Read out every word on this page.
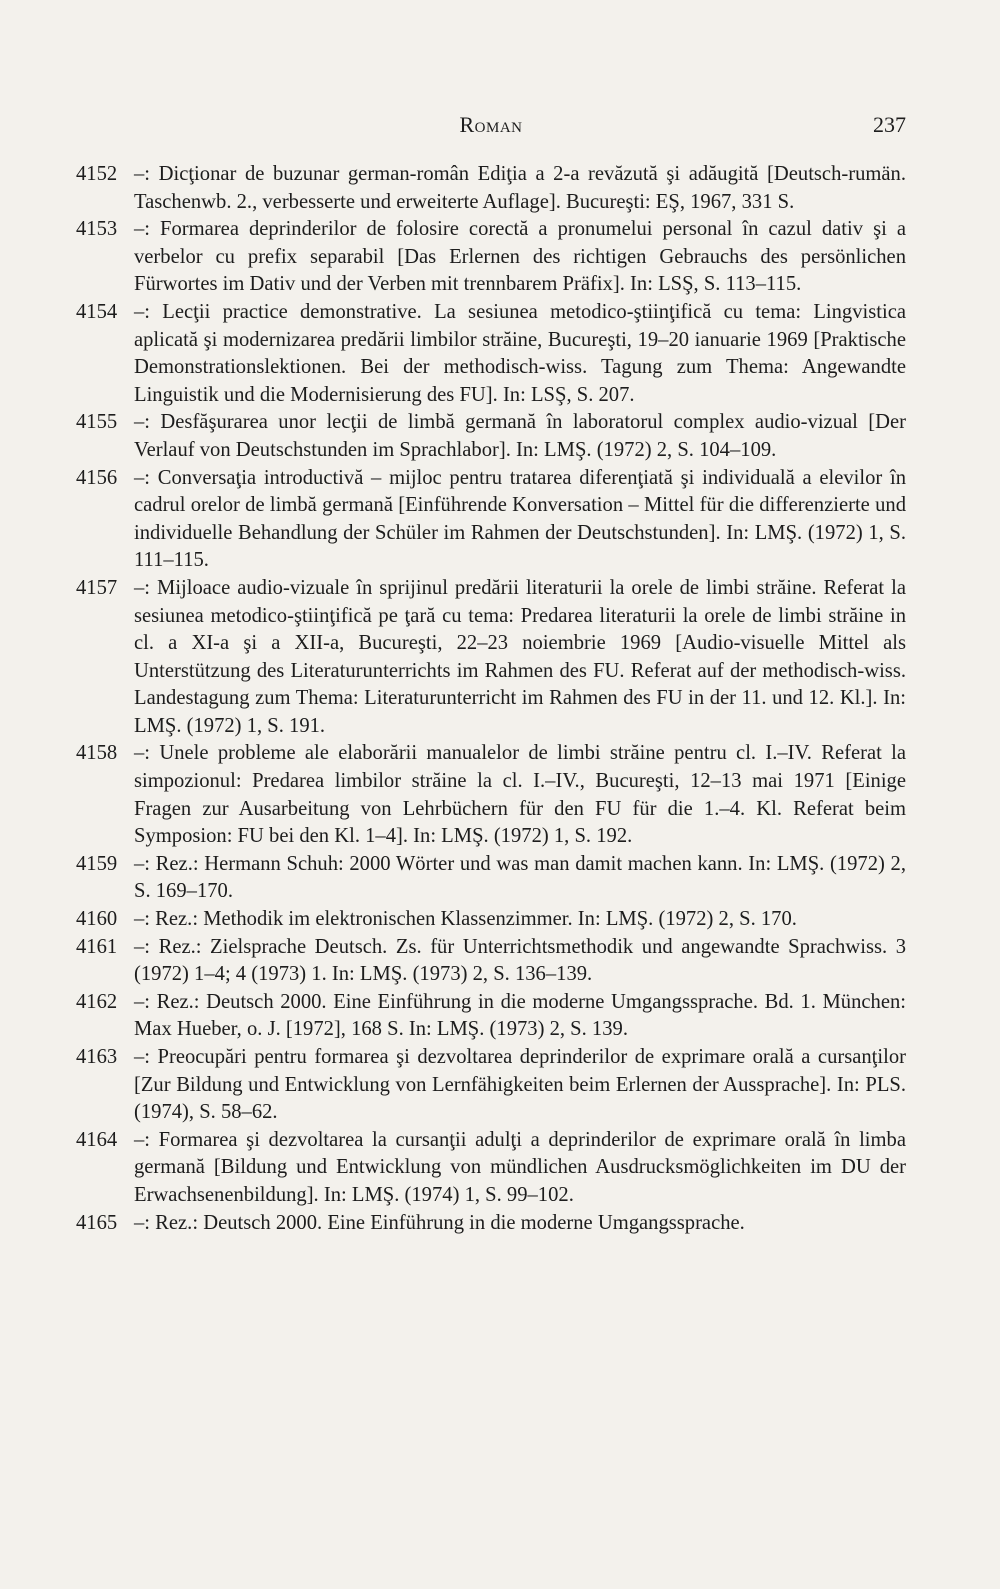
Roman	237
4152 –: Dicţionar de buzunar german-român Ediţia a 2-a revăzută şi adăugită [Deutsch-rumän. Taschenwb. 2., verbesserte und erweiterte Auflage]. Bucureşti: EŞ, 1967, 331 S.
4153 –: Formarea deprinderilor de folosire corectă a pronumelui personal în cazul dativ şi a verbelor cu prefix separabil [Das Erlernen des richtigen Gebrauchs des persönlichen Fürwortes im Dativ und der Verben mit trennbarem Präfix]. In: LSŞ, S. 113–115.
4154 –: Lecţii practice demonstrative. La sesiunea metodico-ştiinţifică cu tema: Lingvistica aplicată şi modernizarea predării limbilor străine, Bucureşti, 19–20 ianuarie 1969 [Praktische Demonstrationslektionen. Bei der methodisch-wiss. Tagung zum Thema: Angewandte Linguistik und die Modernisierung des FU]. In: LSŞ, S. 207.
4155 –: Desfăşurarea unor lecţii de limbă germană în laboratorul complex audio-vizual [Der Verlauf von Deutschstunden im Sprachlabor]. In: LMŞ. (1972) 2, S. 104–109.
4156 –: Conversaţia introductivă – mijloc pentru tratarea diferenţiată şi individuală a elevilor în cadrul orelor de limbă germană [Einführende Konversation – Mittel für die differenzierte und individuelle Behandlung der Schüler im Rahmen der Deutschstunden]. In: LMŞ. (1972) 1, S. 111–115.
4157 –: Mijloace audio-vizuale în sprijinul predării literaturii la orele de limbi străine. Referat la sesiunea metodico-ştiinţifică pe ţară cu tema: Predarea literaturii la orele de limbi străine in cl. a XI-a şi a XII-a, Bucureşti, 22–23 noiembrie 1969 [Audio-visuelle Mittel als Unterstützung des Literaturunterrichts im Rahmen des FU. Referat auf der methodisch-wiss. Landestagung zum Thema: Literaturunterricht im Rahmen des FU in der 11. und 12. Kl.]. In: LMŞ. (1972) 1, S. 191.
4158 –: Unele probleme ale elaborării manualelor de limbi străine pentru cl. I.–IV. Referat la simpozionul: Predarea limbilor străine la cl. I.–IV., Bucureşti, 12–13 mai 1971 [Einige Fragen zur Ausarbeitung von Lehrbüchern für den FU für die 1.–4. Kl. Referat beim Symposion: FU bei den Kl. 1–4]. In: LMŞ. (1972) 1, S. 192.
4159 –: Rez.: Hermann Schuh: 2000 Wörter und was man damit machen kann. In: LMŞ. (1972) 2, S. 169–170.
4160 –: Rez.: Methodik im elektronischen Klassenzimmer. In: LMŞ. (1972) 2, S. 170.
4161 –: Rez.: Zielsprache Deutsch. Zs. für Unterrichtsmethodik und angewandte Sprachwiss. 3 (1972) 1–4; 4 (1973) 1. In: LMŞ. (1973) 2, S. 136–139.
4162 –: Rez.: Deutsch 2000. Eine Einführung in die moderne Umgangssprache. Bd. 1. München: Max Hueber, o. J. [1972], 168 S. In: LMŞ. (1973) 2, S. 139.
4163 –: Preocupări pentru formarea şi dezvoltarea deprinderilor de exprimare orală a cursanţilor [Zur Bildung und Entwicklung von Lernfähigkeiten beim Erlernen der Aussprache]. In: PLS. (1974), S. 58–62.
4164 –: Formarea şi dezvoltarea la cursanţii adulţi a deprinderilor de exprimare orală în limba germană [Bildung und Entwicklung von mündlichen Ausdrucksmöglichkeiten im DU der Erwachsenenbildung]. In: LMŞ. (1974) 1, S. 99–102.
4165 –: Rez.: Deutsch 2000. Eine Einführung in die moderne Umgangssprache.
